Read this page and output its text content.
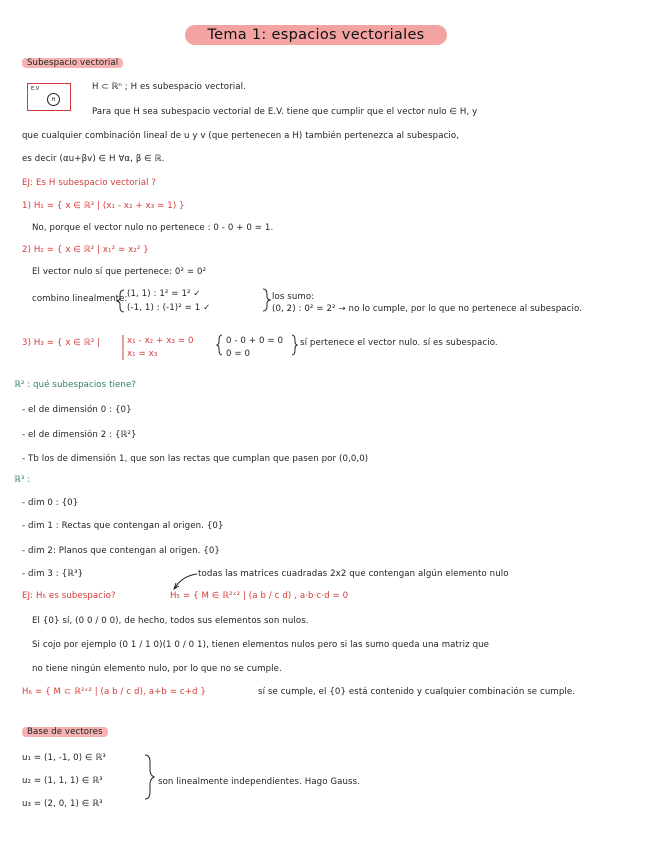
Tema 1: espacios vectoriales
Subespacio vectorial
E.V
H
H ⊂ ℝⁿ ; H es subespacio vectorial.
Para que H sea subespacio vectorial de E.V. tiene que cumplir que el vector nulo ∈ H, y
que cualquier combinación lineal de u y v (que pertenecen a H) también pertenezca al subespacio,
es decir (αu+βv) ∈ H ∀α, β ∈ ℝ.
EJ: Es H subespacio vectorial ?
1) H₁ = { x ∈ ℝ³ | (x₁ - x₂ + x₃ = 1) }
No, porque el vector nulo no pertenece : 0 - 0 + 0 = 1.
2) H₂ = { x ∈ ℝ² | x₁² = x₂² }
El vector nulo sí que pertenece: 0² = 0²
combino linealmente: (1, 1) : 1² = 1² ✓
(-1, 1) : (-1)² = 1 ✓
los sumo:
(0, 2) : 0² = 2² → no lo cumple, por lo que no pertenece al subespacio.
3) H₃ = { x ∈ ℝ³ |	x₁ - x₂ + x₃ = 0
x₁ = x₃
0 - 0 + 0 = 0
0 = 0
sí pertenece el vector nulo. sí es subespacio.
ℝ² : qué subespacios tiene?
- el de dimensión 0 : {0}
- el de dimensión 2 : {ℝ²}
- Tb los de dimensión 1, que son las rectas que cumplan que pasen por (0,0,0)
ℝ³ :
- dim 0 : {0}
- dim 1 : Rectas que contengan al origen. {0}
- dim 2: Planos que contengan al origen. {0}
- dim 3 : {ℝ³}	todas las matrices cuadradas 2x2 que contengan algún elemento nulo
EJ: H₅ es subespacio?	H₅ = { M ∈ ℝ²ˣ² | (a b / c d) , a·b·c·d = 0
El {0} sí, (0 0 / 0 0), de hecho, todos sus elementos son nulos.
Si cojo por ejemplo (0 1 / 1 0)(1 0 / 0 1), tienen elementos nulos pero si las sumo queda una matriz que
no tiene ningún elemento nulo, por lo que no se cumple.
H₆ = { M ⊂ ℝ²ˣ² | (a b / c d), a+b = c+d }	sí se cumple, el {0} está contenido y cualquier combinación se cumple.
Base de vectores
u₁ = (1, -1, 0) ∈ ℝ³
u₂ = (1, 1, 1) ∈ ℝ³
u₃ = (2, 0, 1) ∈ ℝ³
son linealmente independientes. Hago Gauss.
